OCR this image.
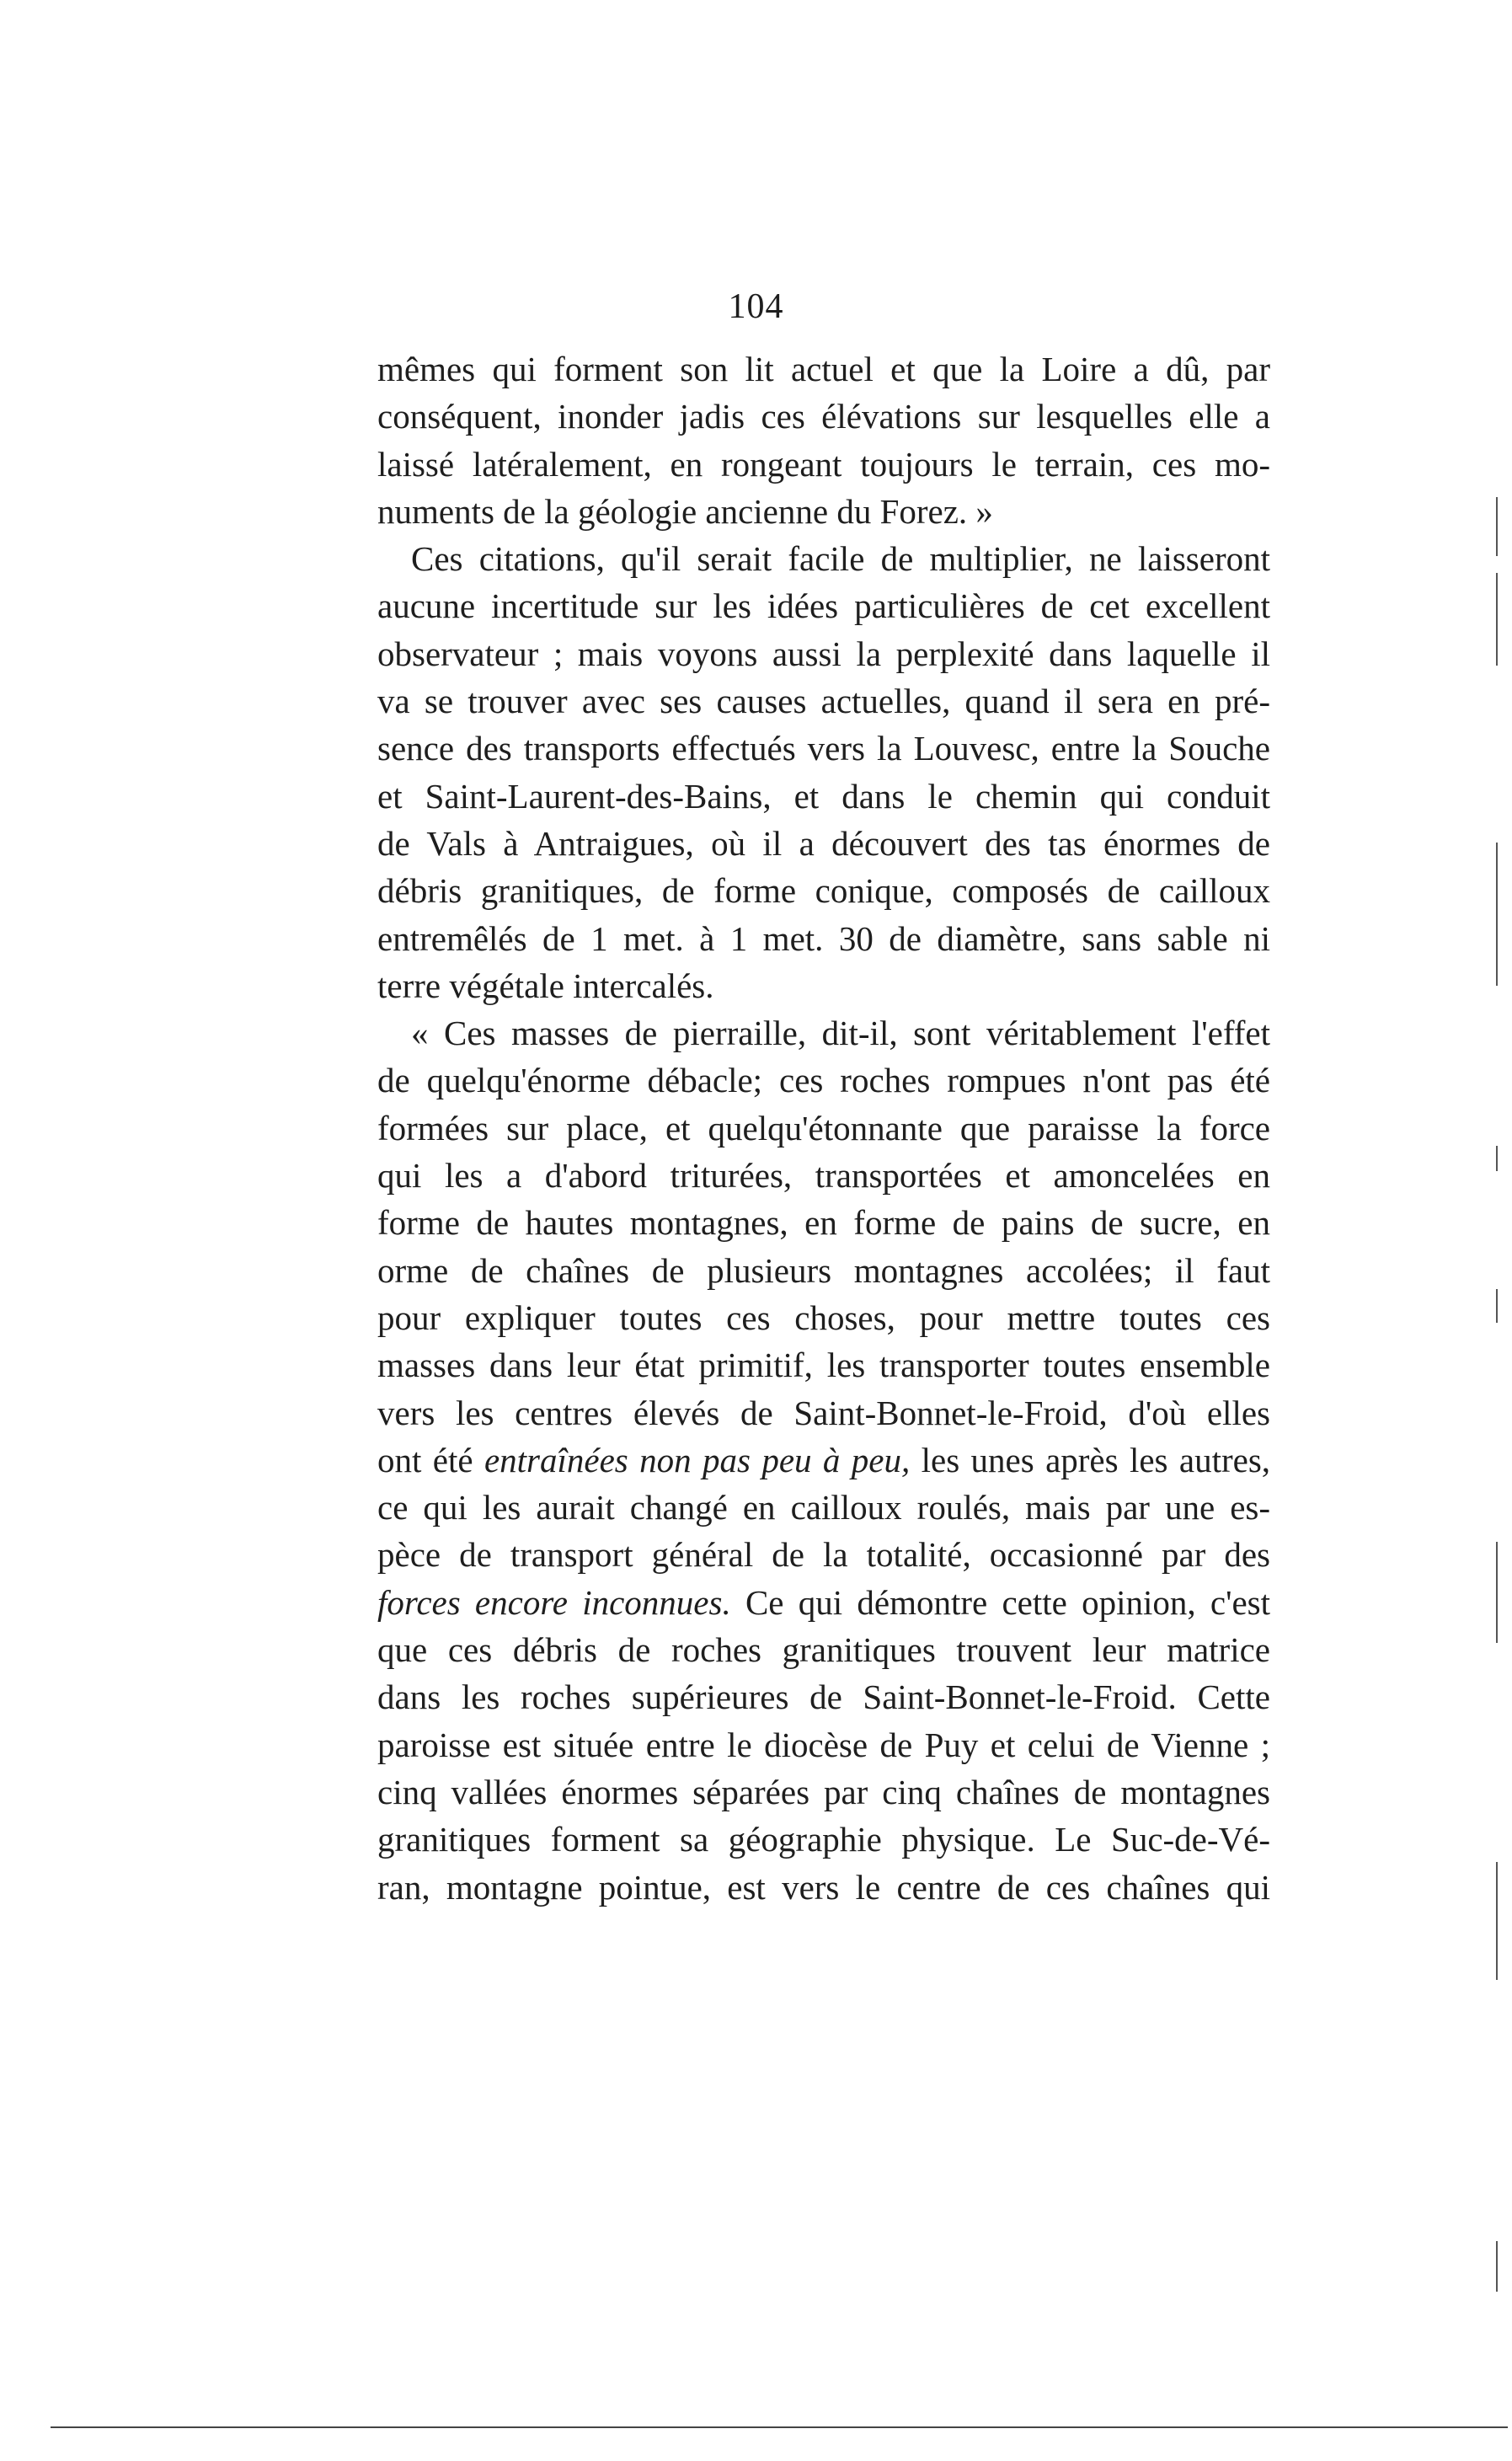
104
mêmes qui forment son lit actuel et que la Loire a dû, par
conséquent, inonder jadis ces élévations sur lesquelles elle a
laissé latéralement, en rongeant toujours le terrain, ces mo-
numents de la géologie ancienne du Forez. »
Ces citations, qu'il serait facile de multiplier, ne laisseront
aucune incertitude sur les idées particulières de cet excellent
observateur ; mais voyons aussi la perplexité dans laquelle il
va se trouver avec ses causes actuelles, quand il sera en pré-
sence des transports effectués vers la Louvesc, entre la Souche
et Saint-Laurent-des-Bains, et dans le chemin qui conduit
de Vals à Antraigues, où il a découvert des tas énormes de
débris granitiques, de forme conique, composés de cailloux
entremêlés de 1 met. à 1 met. 30 de diamètre, sans sable ni
terre végétale intercalés.
« Ces masses de pierraille, dit-il, sont véritablement l'effet
de quelqu'énorme débacle; ces roches rompues n'ont pas été
formées sur place, et quelqu'étonnante que paraisse la force
qui les a d'abord triturées, transportées et amoncelées en
forme de hautes montagnes, en forme de pains de sucre, en
orme de chaînes de plusieurs montagnes accolées; il faut
pour expliquer toutes ces choses, pour mettre toutes ces
masses dans leur état primitif, les transporter toutes ensemble
vers les centres élevés de Saint-Bonnet-le-Froid, d'où elles
ont été entraînées non pas peu à peu, les unes après les autres,
ce qui les aurait changé en cailloux roulés, mais par une es-
pèce de transport général de la totalité, occasionné par des
forces encore inconnues. Ce qui démontre cette opinion, c'est
que ces débris de roches granitiques trouvent leur matrice
dans les roches supérieures de Saint-Bonnet-le-Froid. Cette
paroisse est située entre le diocèse de Puy et celui de Vienne ;
cinq vallées énormes séparées par cinq chaînes de montagnes
granitiques forment sa géographie physique. Le Suc-de-Vé-
ran, montagne pointue, est vers le centre de ces chaînes qui
